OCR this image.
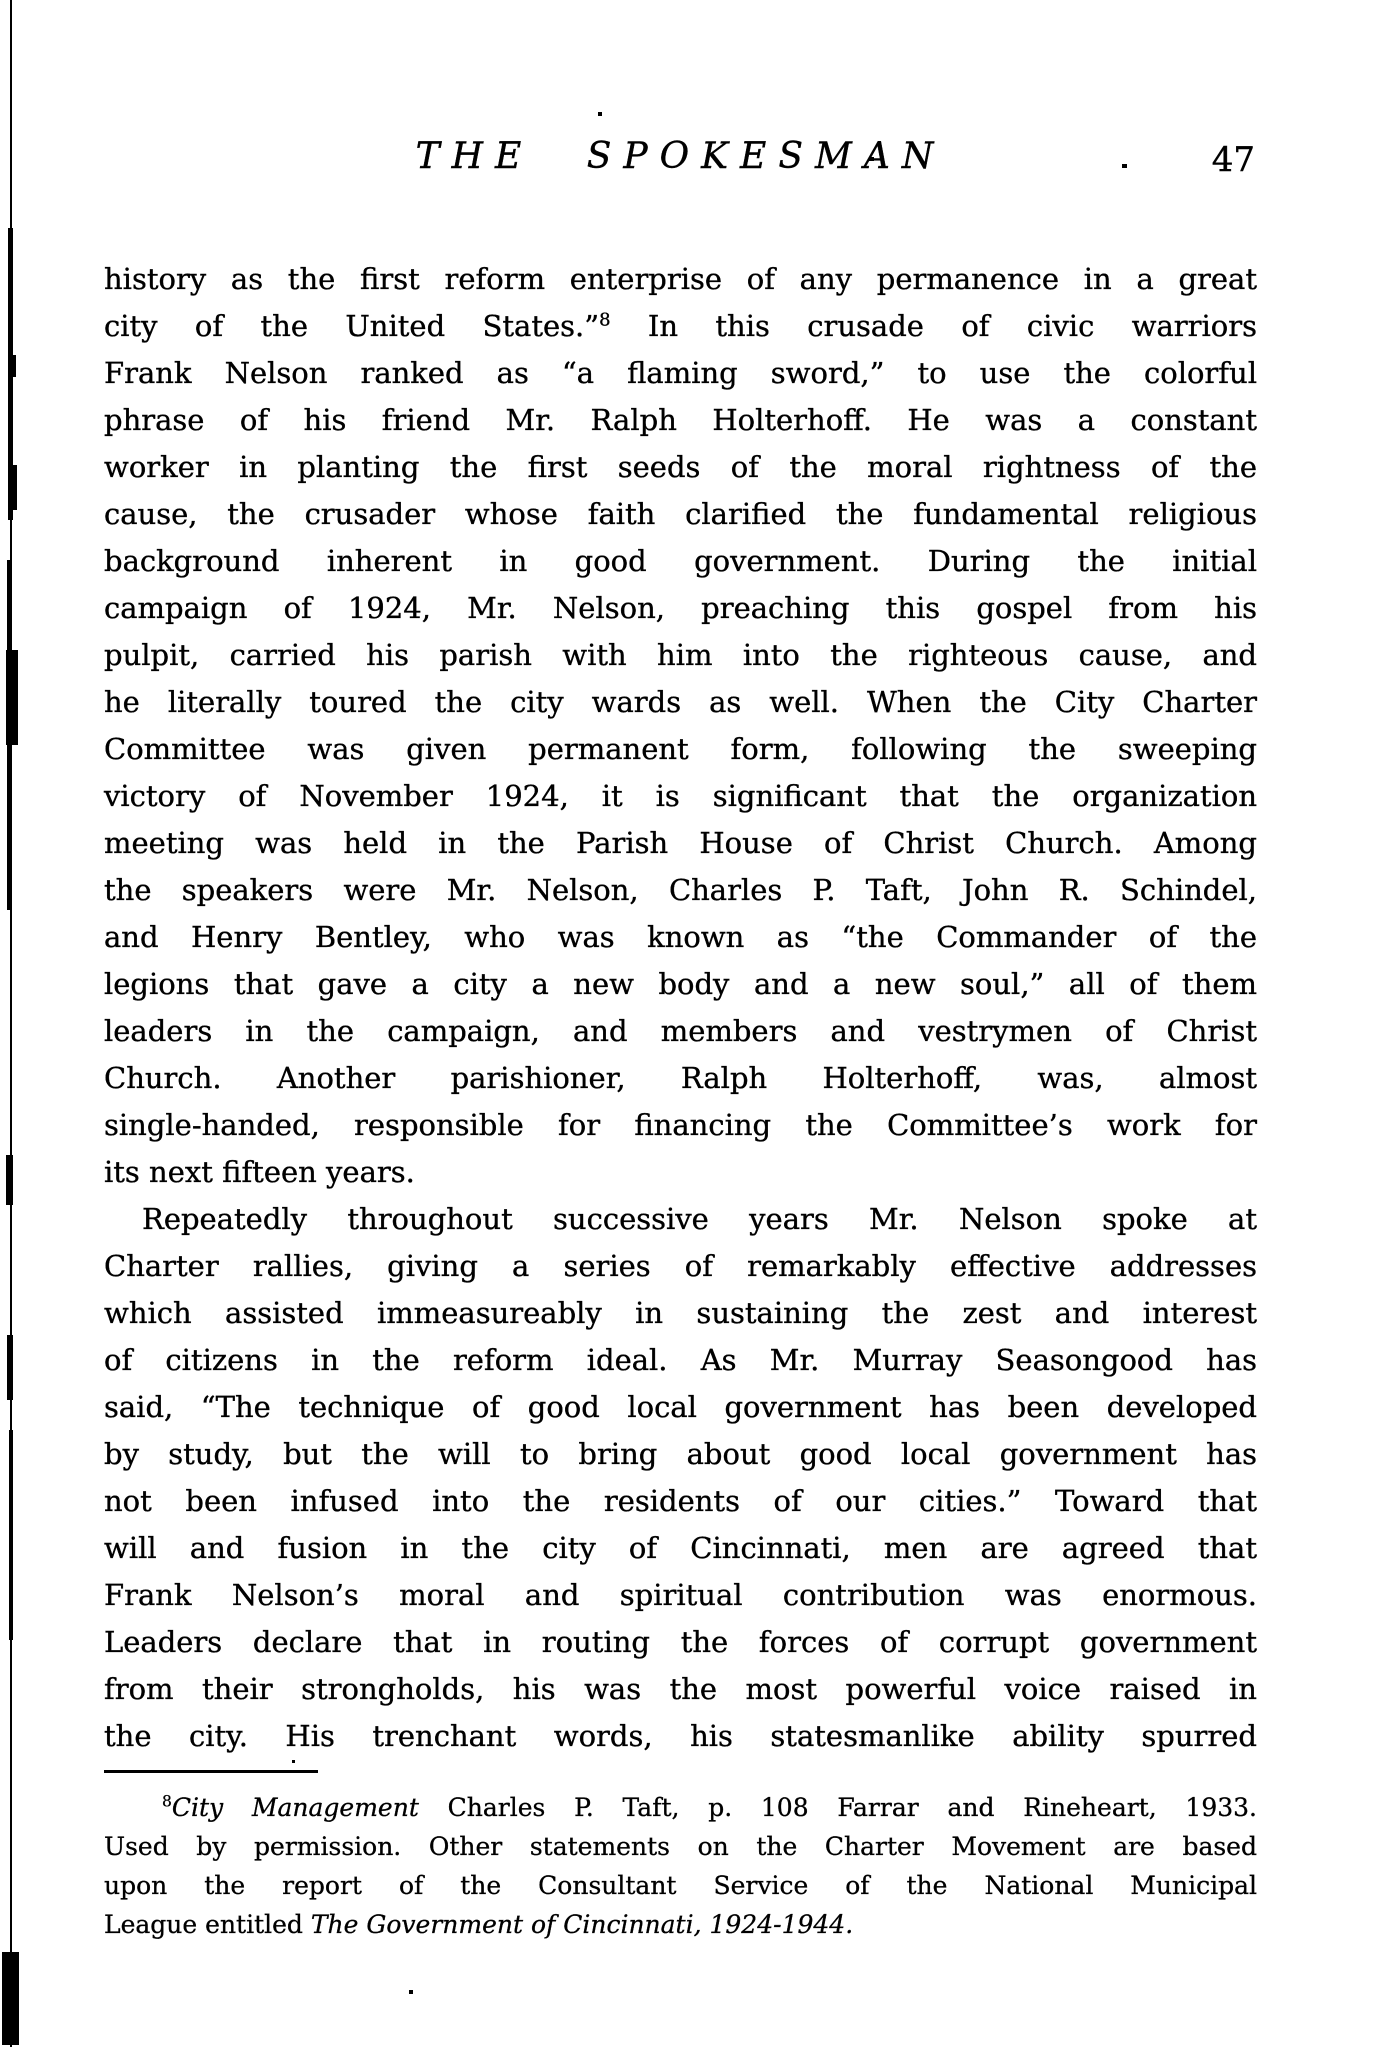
THE SPOKESMAN	47
history as the first reform enterprise of any permanence in a great
city of the United States.”$^8$ In this crusade of civic warriors
Frank Nelson ranked as “a flaming sword,” to use the colorful
phrase of his friend Mr. Ralph Holterhoff. He was a constant
worker in planting the first seeds of the moral rightness of the
cause, the crusader whose faith clarified the fundamental religious
background inherent in good government. During the initial
campaign of 1924, Mr. Nelson, preaching this gospel from his
pulpit, carried his parish with him into the righteous cause, and
he literally toured the city wards as well. When the City Charter
Committee was given permanent form, following the sweeping
victory of November 1924, it is significant that the organization
meeting was held in the Parish House of Christ Church. Among
the speakers were Mr. Nelson, Charles P. Taft, John R. Schindel,
and Henry Bentley, who was known as “the Commander of the
legions that gave a city a new body and a new soul,” all of them
leaders in the campaign, and members and vestrymen of Christ
Church. Another parishioner, Ralph Holterhoff, was, almost
single-handed, responsible for financing the Committee’s work for
its next fifteen years.
Repeatedly throughout successive years Mr. Nelson spoke at
Charter rallies, giving a series of remarkably effective addresses
which assisted immeasureably in sustaining the zest and interest
of citizens in the reform ideal. As Mr. Murray Seasongood has
said, “The technique of good local government has been developed
by study, but the will to bring about good local government has
not been infused into the residents of our cities.” Toward that
will and fusion in the city of Cincinnati, men are agreed that
Frank Nelson’s moral and spiritual contribution was enormous.
Leaders declare that in routing the forces of corrupt government
from their strongholds, his was the most powerful voice raised in
the city. His trenchant words, his statesmanlike ability spurred
$^8$City Management Charles P. Taft, p. 108 Farrar and Rineheart, 1933.
Used by permission. Other statements on the Charter Movement are based
upon the report of the Consultant Service of the National Municipal
League entitled The Government of Cincinnati, 1924-1944.
